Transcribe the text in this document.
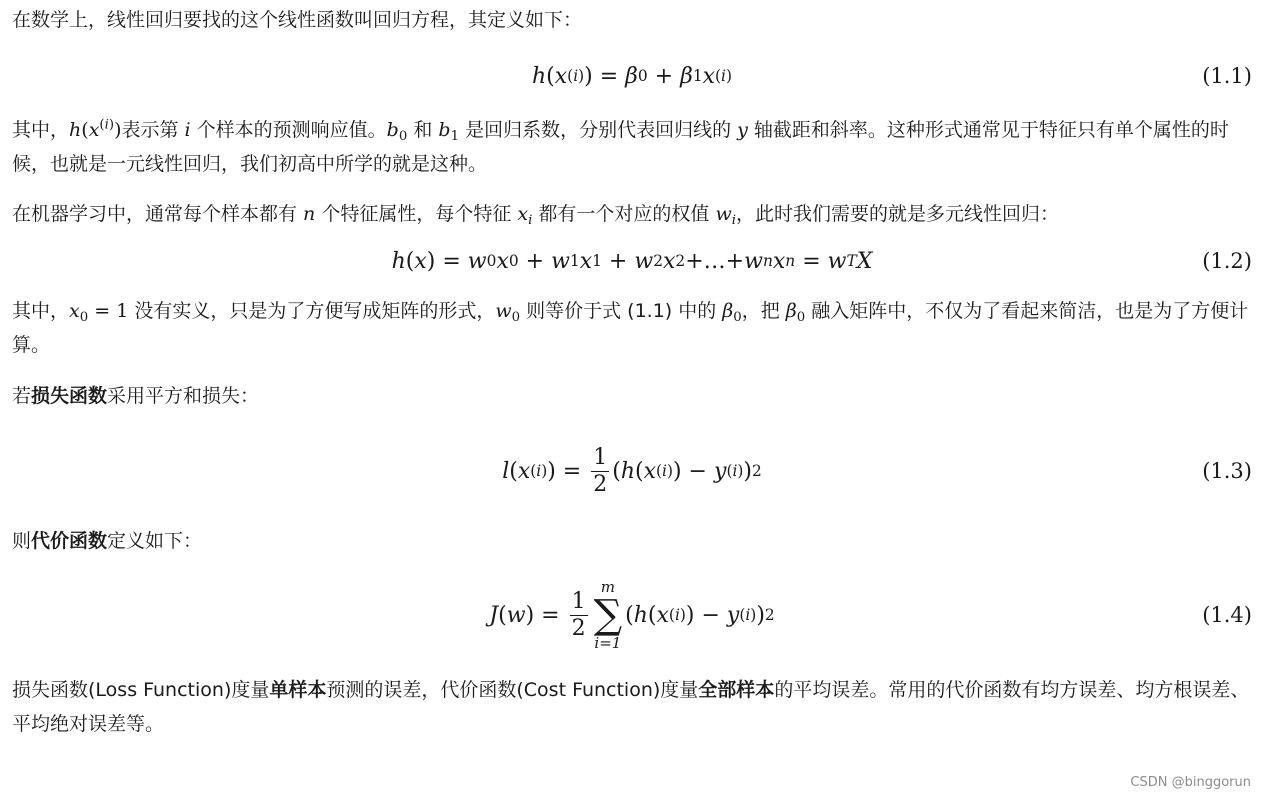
在数学上，线性回归要找的这个线性函数叫回归方程，其定义如下：

h ( x (i) ) = β 0 + β 1 x (i)	(1.1)

其中，$h(x^{(i)})$表示第 i 个样本的预测响应值。$b_0$ 和 $b_1$ 是回归系数，分别代表回归线的 y 轴截距和斜率。这种形式通常见于特征只有单个属性的时候，也就是一元线性回归，我们初高中所学的就是这种。

在机器学习中，通常每个样本都有 n 个特征属性，每个特征 $x_i$ 都有一个对应的权值 $w_i$，此时我们需要的就是多元线性回归：

h ( x ) = w 0 x 0 + w 1 x 1 + w 2 x 2 +…+ w n x n = w T X	(1.2)

其中，$x_0 = 1$ 没有实义，只是为了方便写成矩阵的形式，$w_0$ 则等价于式 (1.1) 中的 $\beta_0$，把 $\beta_0$ 融入矩阵中，不仅为了看起来简洁，也是为了方便计算。

若损失函数采用平方和损失：

l ( x (i) ) = $\frac{1}{2}$ ( h ( x (i) ) − y (i) ) 2	(1.3)

则代价函数定义如下：

J ( w ) = $\frac{1}{2}$
m
∑
i=1
( h ( x (i) ) − y (i) ) 2	(1.4)

损失函数(Loss Function)度量单样本预测的误差，代价函数(Cost Function)度量全部样本的平均误差。常用的代价函数有均方误差、均方根误差、平均绝对误差等。

CSDN @binggorun
